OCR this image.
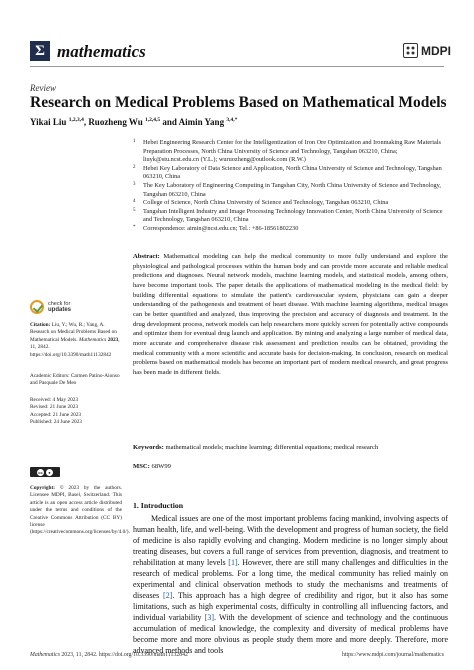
Σ mathematics	MDPI
Review
Research on Medical Problems Based on Mathematical Models
Yikai Liu $^{1,2,3,4}$, Ruozheng Wu $^{1,2,4,5}$ and Aimin Yang $^{3,4,*}$
1 Hebei Engineering Research Center for the Intelligentization of Iron Ore Optimization and Ironmaking Raw Materials Preparation Processes, North China University of Science and Technology, Tangshan 063210, China; liuyk@stu.ncst.edu.cn (Y.L.); wuruozheng@outlook.com (R.W.)
2 Hebei Key Laboratory of Data Science and Application, North China University of Science and Technology, Tangshan 063210, China
3 The Key Laboratory of Engineering Computing in Tangshan City, North China University of Science and Technology, Tangshan 063210, China
4 College of Science, North China University of Science and Technology, Tangshan 063210, China
5 Tangshan Intelligent Industry and Image Processing Technology Innovation Center, North China University of Science and Technology, Tangshan 063210, China
* Correspondence: aimin@ncst.edu.cn; Tel.: +86-18561802230
Abstract: Mathematical modeling can help the medical community to more fully understand and explore the physiological and pathological processes within the human body and can provide more accurate and reliable medical predictions and diagnoses. Neural network models, machine learning models, and statistical models, among others, have become important tools. The paper details the applications of mathematical modeling in the medical field: by building differential equations to simulate the patient's cardiovascular system, physicians can gain a deeper understanding of the pathogenesis and treatment of heart disease. With machine learning algorithms, medical images can be better quantified and analyzed, thus improving the precision and accuracy of diagnosis and treatment. In the drug development process, network models can help researchers more quickly screen for potentially active compounds and optimize them for eventual drug launch and application. By mining and analyzing a large number of medical data, more accurate and comprehensive disease risk assessment and prediction results can be obtained, providing the medical community with a more scientific and accurate basis for decision-making. In conclusion, research on medical problems based on mathematical models has become an important part of modern medical research, and great progress has been made in different fields.
Keywords: mathematical models; machine learning; differential equations; medical research
MSC: 68W99
1. Introduction
Medical issues are one of the most important problems facing mankind, involving aspects of human health, life, and well-being. With the development and progress of human society, the field of medicine is also rapidly evolving and changing. Modern medicine is no longer simply about treating diseases, but covers a full range of services from prevention, diagnosis, and treatment to rehabilitation at many levels [1]. However, there are still many challenges and difficulties in the research of medical problems. For a long time, the medical community has relied mainly on experimental and clinical observation methods to study the mechanisms and treatments of diseases [2]. This approach has a high degree of credibility and rigor, but it also has some limitations, such as high experimental costs, difficulty in controlling all influencing factors, and individual variability [3]. With the development of science and technology and the continuous accumulation of medical knowledge, the complexity and diversity of medical problems have become more and more obvious as people study them more and more deeply. Therefore, more advanced methods and tools
check for
updates
Citation: Liu, Y.; Wu, R.; Yang, A. Research on Medical Problems Based on Mathematical Models. Mathematics 2023, 11, 2842. https://doi.org/10.3390/math11132842
Academic Editors: Carmen Patino-Alonso and Pasquale De Meo
Received: 4 May 2023
Revised: 21 June 2023
Accepted: 21 June 2023
Published: 24 June 2023
cc	●
Copyright: © 2023 by the authors. Licensee MDPI, Basel, Switzerland. This article is an open access article distributed under the terms and conditions of the Creative Commons Attribution (CC BY) license (https://creativecommons.org/licenses/by/4.0/).
Mathematics 2023, 11, 2842. https://doi.org/10.3390/math11132842	https://www.mdpi.com/journal/mathematics
